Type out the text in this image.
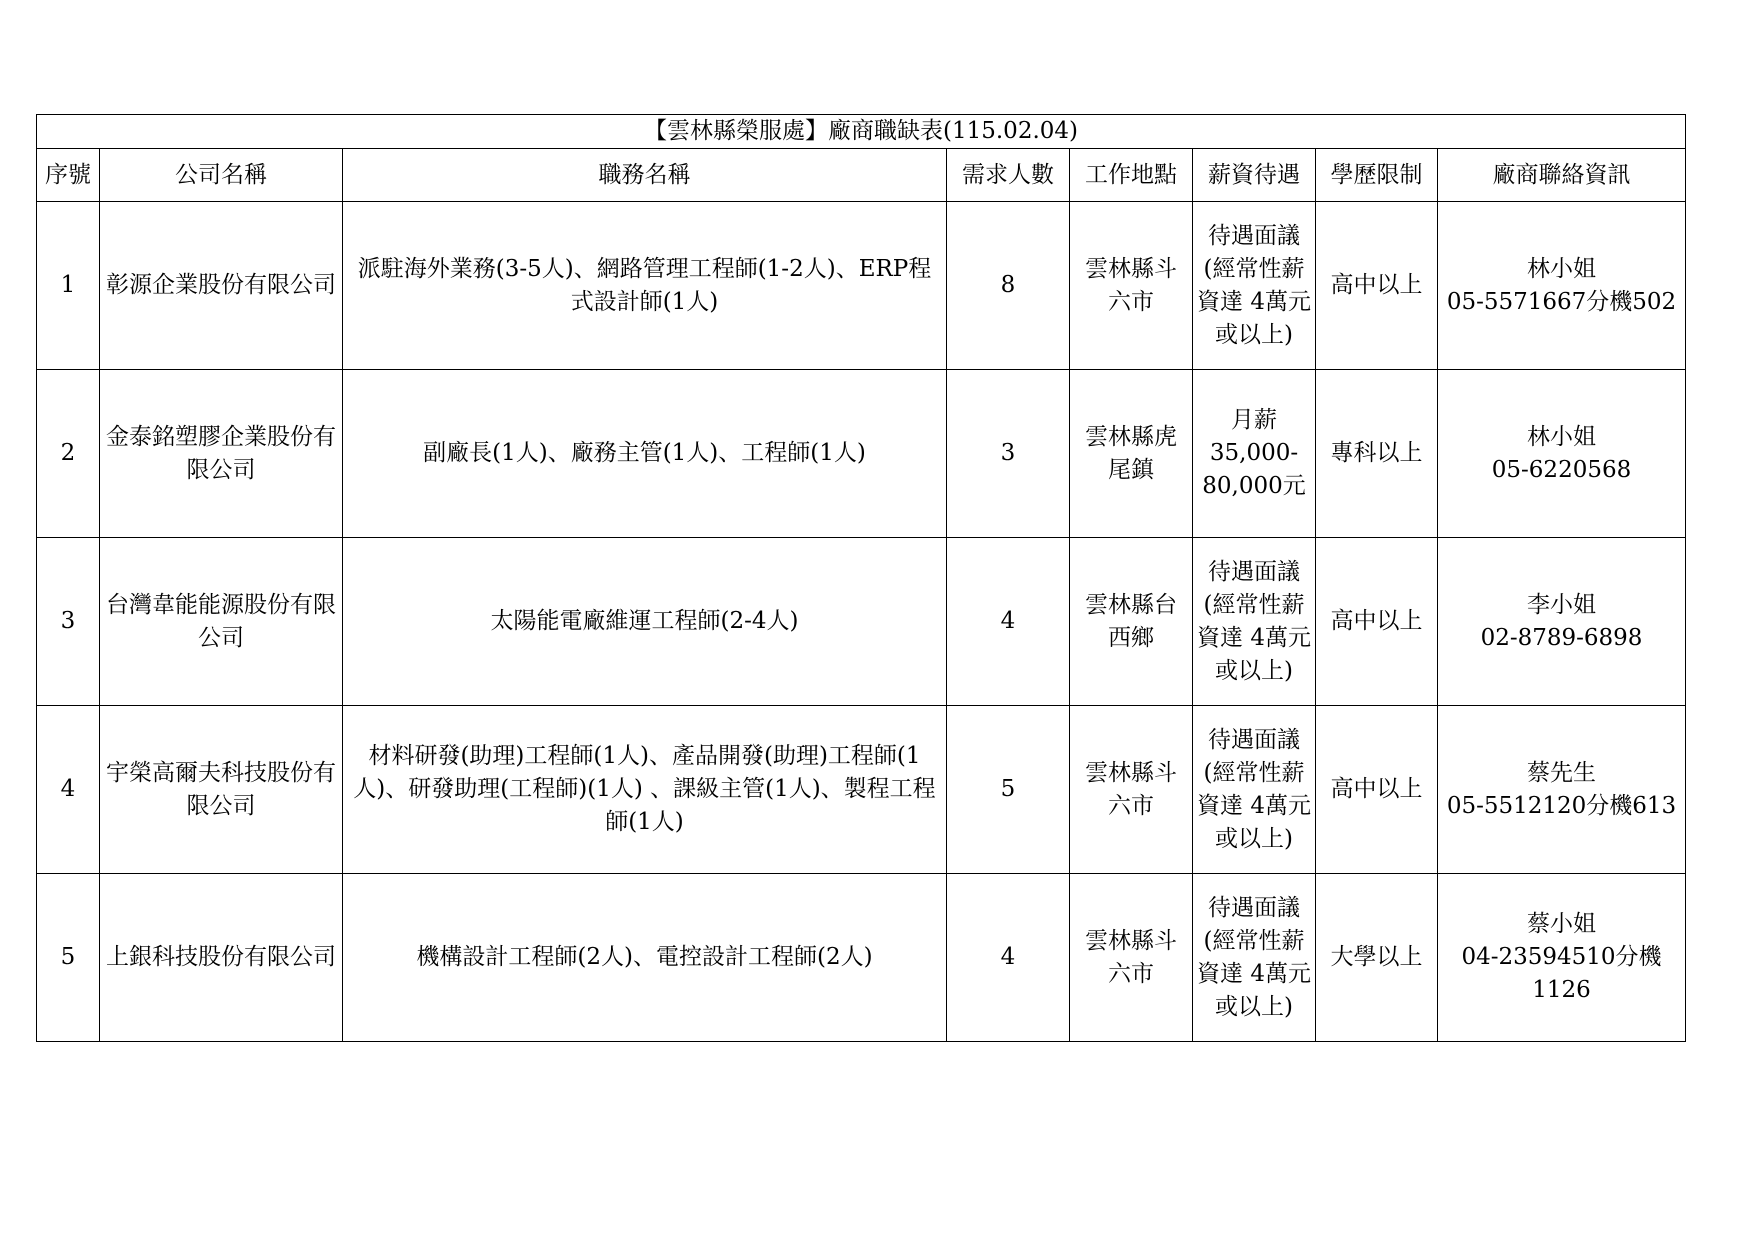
【雲林縣榮服處】廠商職缺表(115.02.04)							
序號	公司名稱	職務名稱	需求人數	工作地點	薪資待遇	學歷限制	廠商聯絡資訊
1	彰源企業股份有限公司	派駐海外業務(3-5人)、網路管理工程師(1-2人)、ERP程式設計師(1人)	8	雲林縣斗六市	待遇面議(經常性薪資達 4萬元或以上)	高中以上	林小姐
05-5571667分機502

2	金泰銘塑膠企業股份有限公司	副廠長(1人)、廠務主管(1人)、工程師(1人)	3	雲林縣虎尾鎮	月薪35,000-80,000元	專科以上	林小姐
05-6220568

3	台灣韋能能源股份有限公司	太陽能電廠維運工程師(2-4人)	4	雲林縣台西鄉	待遇面議(經常性薪資達 4萬元或以上)	高中以上	李小姐
02-8789-6898

4	宇榮高爾夫科技股份有限公司	材料研發(助理)工程師(1人)、產品開發(助理)工程師(1人)、研發助理(工程師)(1人) 、課級主管(1人)、製程工程師(1人)	5	雲林縣斗六市	待遇面議(經常性薪資達 4萬元或以上)	高中以上	蔡先生
05-5512120分機613

5	上銀科技股份有限公司	機構設計工程師(2人)、電控設計工程師(2人)	4	雲林縣斗六市	待遇面議(經常性薪資達 4萬元或以上)	大學以上	蔡小姐
04-23594510分機1126
